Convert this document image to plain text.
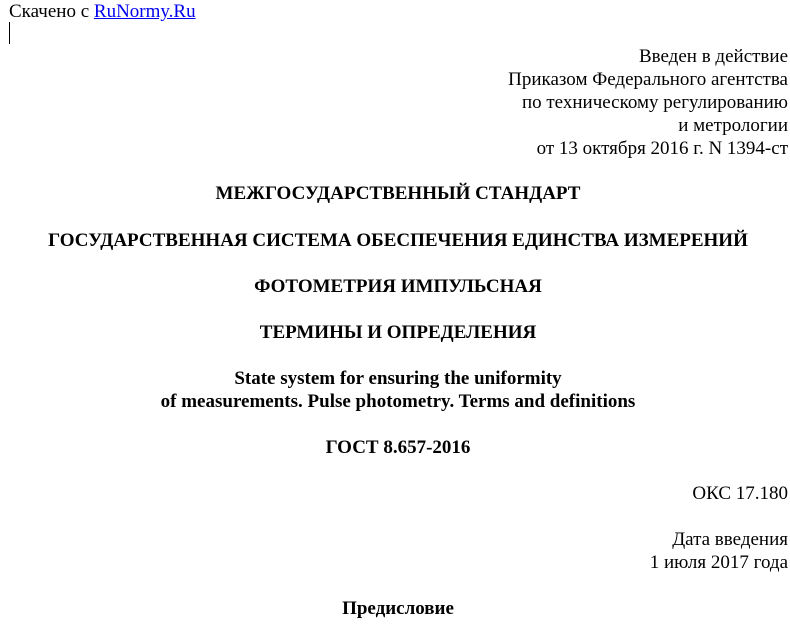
Скачено с RuNormy.Ru
Введен в действие
Приказом Федерального агентства
по техническому регулированию
и метрологии
от 13 октября 2016 г. N 1394-ст
МЕЖГОСУДАРСТВЕННЫЙ СТАНДАРТ
ГОСУДАРСТВЕННАЯ СИСТЕМА ОБЕСПЕЧЕНИЯ ЕДИНСТВА ИЗМЕРЕНИЙ
ФОТОМЕТРИЯ ИМПУЛЬСНАЯ
ТЕРМИНЫ И ОПРЕДЕЛЕНИЯ
State system for ensuring the uniformity
of measurements. Pulse photometry. Terms and definitions
ГОСТ 8.657-2016
ОКС 17.180
Дата введения
1 июля 2017 года
Предисловие
